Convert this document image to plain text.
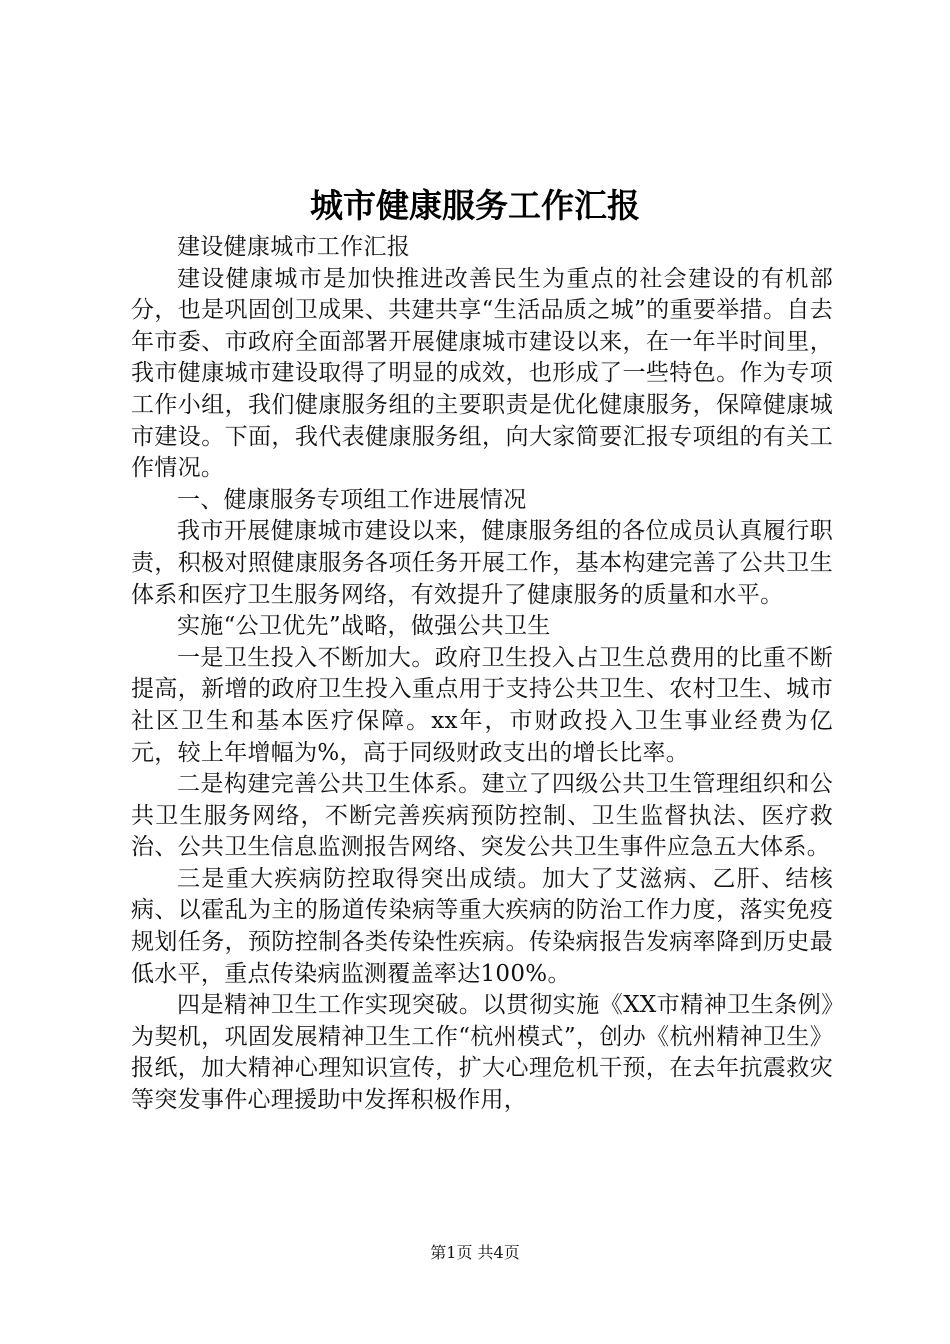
城市健康服务工作汇报

建设健康城市工作汇报

建设健康城市是加快推进改善民生为重点的社会建设的有机部分，也是巩固创卫成果、共建共享“生活品质之城”的重要举措。自去年市委、市政府全面部署开展健康城市建设以来，在一年半时间里，我市健康城市建设取得了明显的成效，也形成了一些特色。作为专项工作小组，我们健康服务组的主要职责是优化健康服务，保障健康城市建设。下面，我代表健康服务组，向大家简要汇报专项组的有关工作情况。

一、健康服务专项组工作进展情况

我市开展健康城市建设以来，健康服务组的各位成员认真履行职责，积极对照健康服务各项任务开展工作，基本构建完善了公共卫生体系和医疗卫生服务网络，有效提升了健康服务的质量和水平。

实施“公卫优先”战略，做强公共卫生

一是卫生投入不断加大。政府卫生投入占卫生总费用的比重不断提高，新增的政府卫生投入重点用于支持公共卫生、农村卫生、城市社区卫生和基本医疗保障。xx年，市财政投入卫生事业经费为亿元，较上年增幅为%，高于同级财政支出的增长比率。

二是构建完善公共卫生体系。建立了四级公共卫生管理组织和公共卫生服务网络，不断完善疾病预防控制、卫生监督执法、医疗救治、公共卫生信息监测报告网络、突发公共卫生事件应急五大体系。

三是重大疾病防控取得突出成绩。加大了艾滋病、乙肝、结核病、以霍乱为主的肠道传染病等重大疾病的防治工作力度，落实免疫规划任务，预防控制各类传染性疾病。传染病报告发病率降到历史最低水平，重点传染病监测覆盖率达100%。

四是精神卫生工作实现突破。以贯彻实施《XX市精神卫生条例》为契机，巩固发展精神卫生工作“杭州模式”，创办《杭州精神卫生》报纸，加大精神心理知识宣传，扩大心理危机干预，在去年抗震救灾等突发事件心理援助中发挥积极作用，

第1页 共4页
